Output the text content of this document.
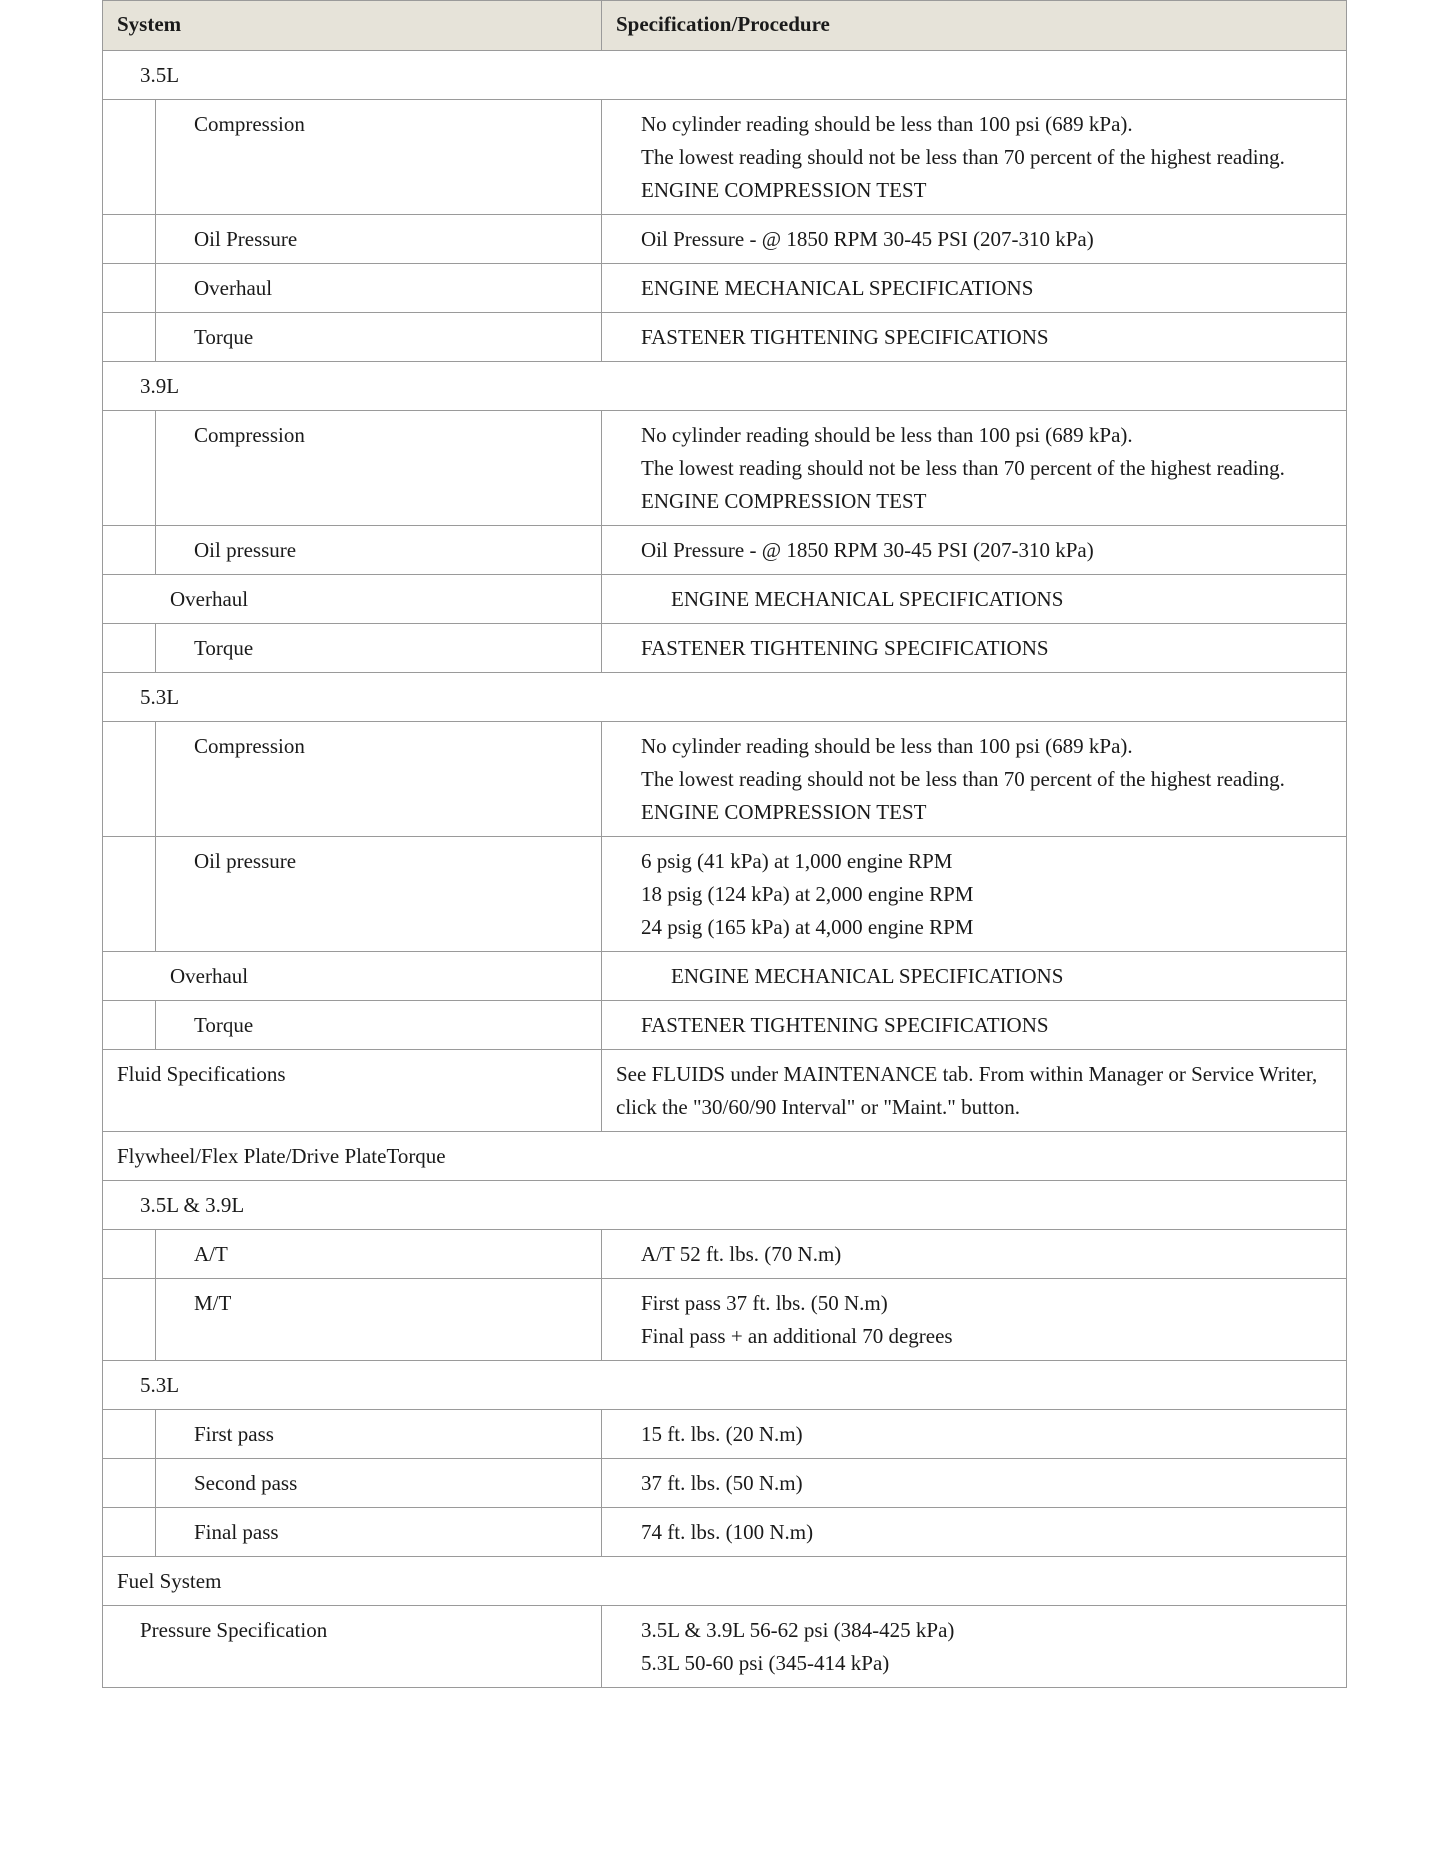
System	Specification/Procedure
3.5L	

Compression	No cylinder reading should be less than 100 psi (689 kPa).
The lowest reading should not be less than 70 percent of the highest reading.
ENGINE COMPRESSION TEST

Oil Pressure	Oil Pressure - @ 1850 RPM 30-45 PSI (207-310 kPa)

Overhaul	ENGINE MECHANICAL SPECIFICATIONS

Torque	FASTENER TIGHTENING SPECIFICATIONS

3.9L	

Compression	No cylinder reading should be less than 100 psi (689 kPa).
The lowest reading should not be less than 70 percent of the highest reading.
ENGINE COMPRESSION TEST

Oil pressure	Oil Pressure - @ 1850 RPM 30-45 PSI (207-310 kPa)

Overhaul	ENGINE MECHANICAL SPECIFICATIONS

Torque	FASTENER TIGHTENING SPECIFICATIONS

5.3L	

Compression	No cylinder reading should be less than 100 psi (689 kPa).
The lowest reading should not be less than 70 percent of the highest reading.
ENGINE COMPRESSION TEST

Oil pressure	6 psig (41 kPa) at 1,000 engine RPM
18 psig (124 kPa) at 2,000 engine RPM
24 psig (165 kPa) at 4,000 engine RPM

Overhaul	ENGINE MECHANICAL SPECIFICATIONS

Torque	FASTENER TIGHTENING SPECIFICATIONS

Fluid Specifications	See FLUIDS under MAINTENANCE tab. From within Manager or Service Writer,
click the "30/60/90 Interval" or "Maint." button.

Flywheel/Flex Plate/Drive PlateTorque	
3.5L & 3.9L	

A/T	A/T 52 ft. lbs. (70 N.m)

M/T	First pass 37 ft. lbs. (50 N.m)
Final pass + an additional 70 degrees

5.3L	

First pass	15 ft. lbs. (20 N.m)

Second pass	37 ft. lbs. (50 N.m)

Final pass	74 ft. lbs. (100 N.m)

Fuel System	
Pressure Specification	3.5L & 3.9L 56-62 psi (384-425 kPa)
5.3L 50-60 psi (345-414 kPa)
